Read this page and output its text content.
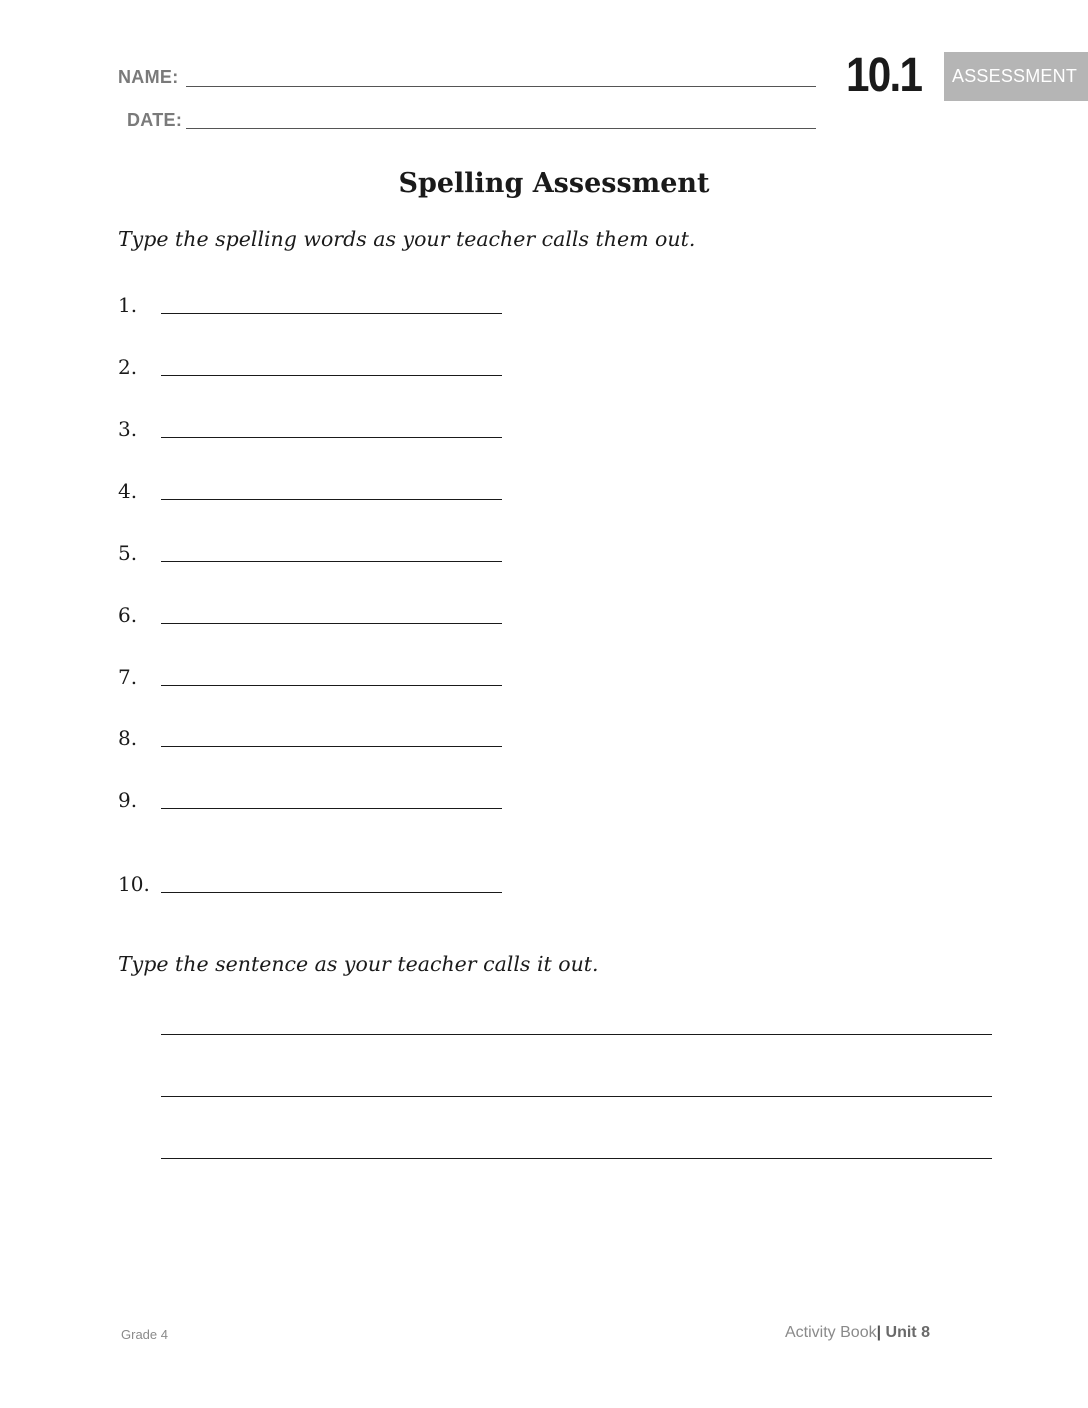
NAME:
DATE:
10.1 ASSESSMENT
Spelling Assessment
Type the spelling words as your teacher calls them out.
1.
2.
3.
4.
5.
6.
7.
8.
9.
10.
Type the sentence as your teacher calls it out.
Grade 4	Activity Book| Unit 8
